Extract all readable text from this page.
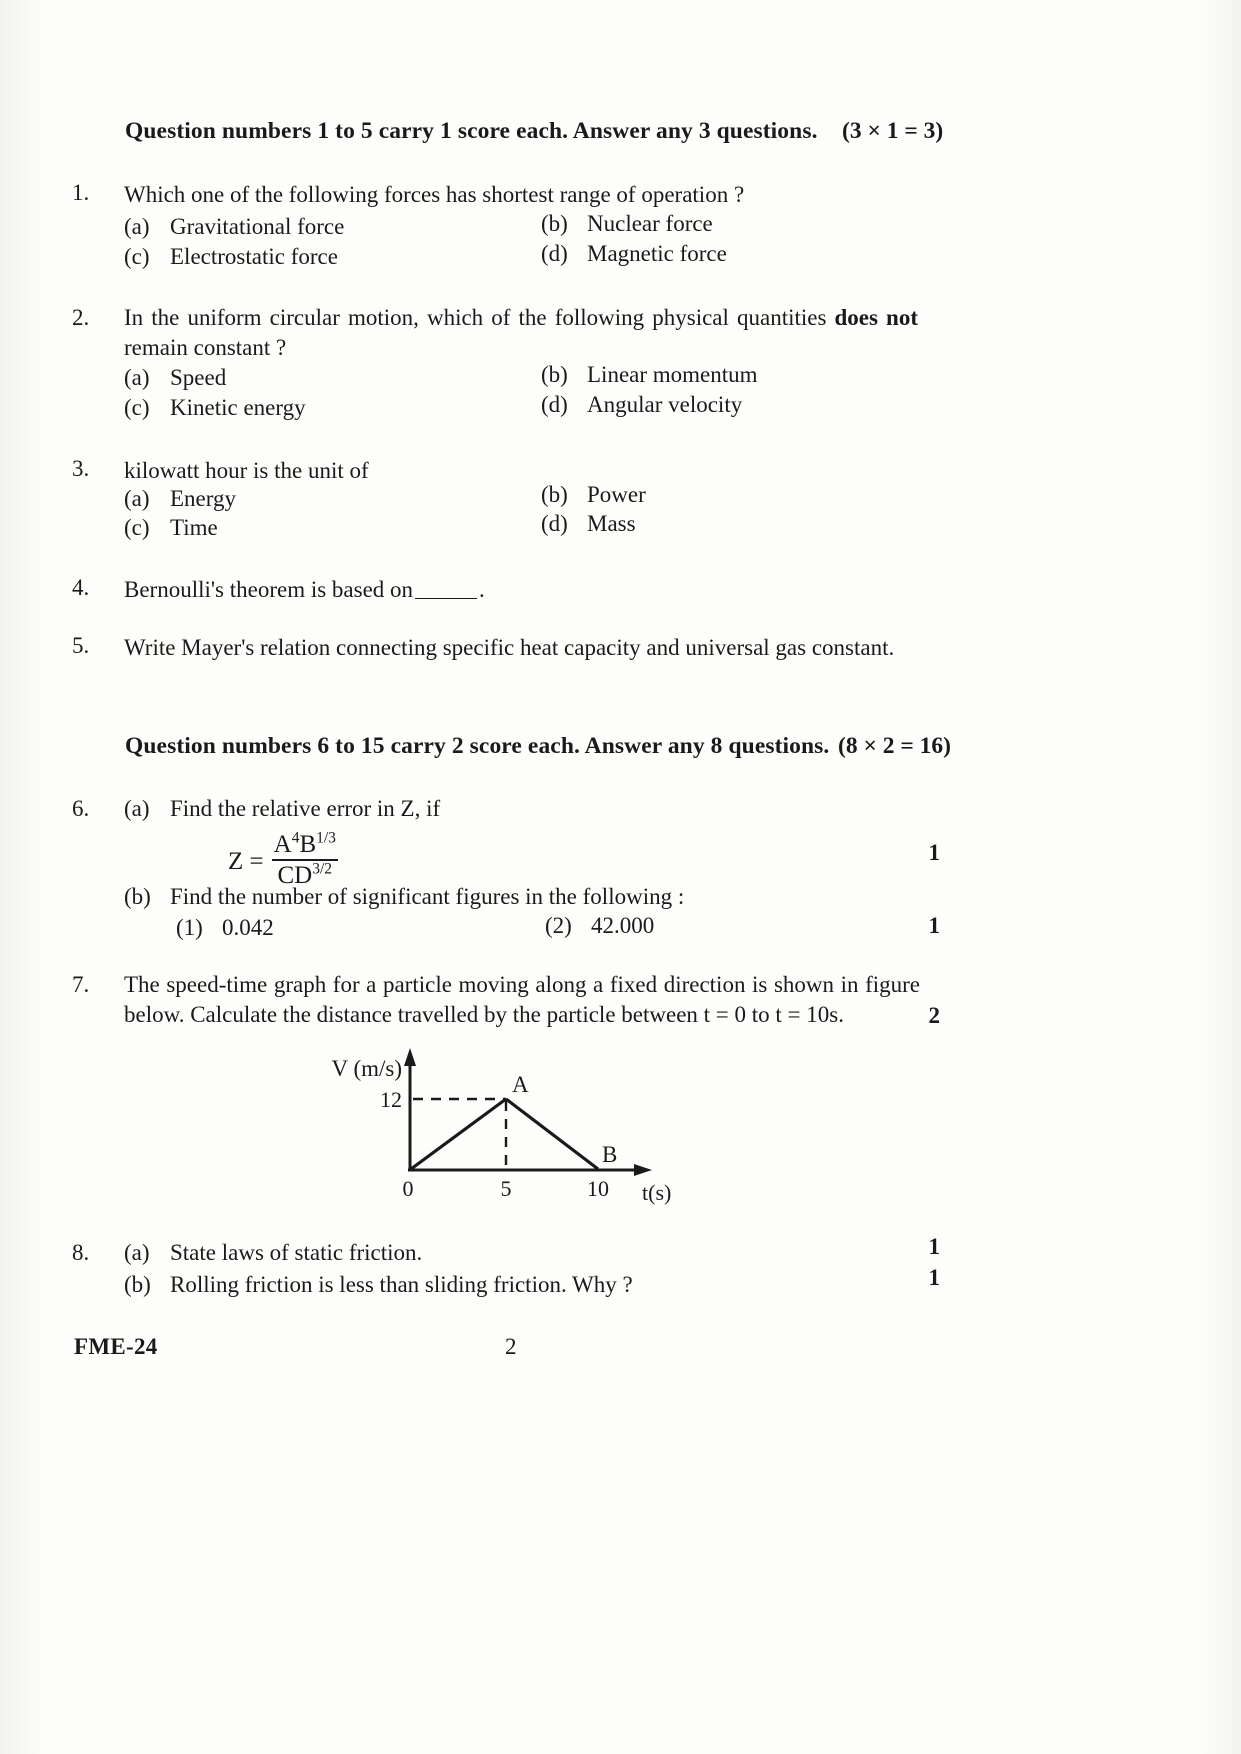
Question numbers 1 to 5 carry 1 score each. Answer any 3 questions. (3 × 1 = 3)
1. Which one of the following forces has shortest range of operation ?
(a) Gravitational force	(b) Nuclear force
(c) Electrostatic force	(d) Magnetic force
2. In the uniform circular motion, which of the following physical quantities does not remain constant ?
(a) Speed	(b) Linear momentum
(c) Kinetic energy	(d) Angular velocity
3. kilowatt hour is the unit of
(a) Energy	(b) Power
(c) Time	(d) Mass
4. Bernoulli's theorem is based on	.
5. Write Mayer's relation connecting specific heat capacity and universal gas constant.
Question numbers 6 to 15 carry 2 score each. Answer any 8 questions. (8 × 2 = 16)
6. (a) Find the relative error in Z, if
$Z = \frac{A^4B^{1/3}}{CD^{3/2}}$	1
(b) Find the number of significant figures in the following :
(1) 0.042	(2) 42.000	1
7. The speed-time graph for a particle moving along a fixed direction is shown in figure below. Calculate the distance travelled by the particle between t = 0 to t = 10s.	2
12
V (m/s)
A
B
0	5	10 t(s)
8. (a) State laws of static friction.	1
(b) Rolling friction is less than sliding friction. Why ?	1
FME-24	2
